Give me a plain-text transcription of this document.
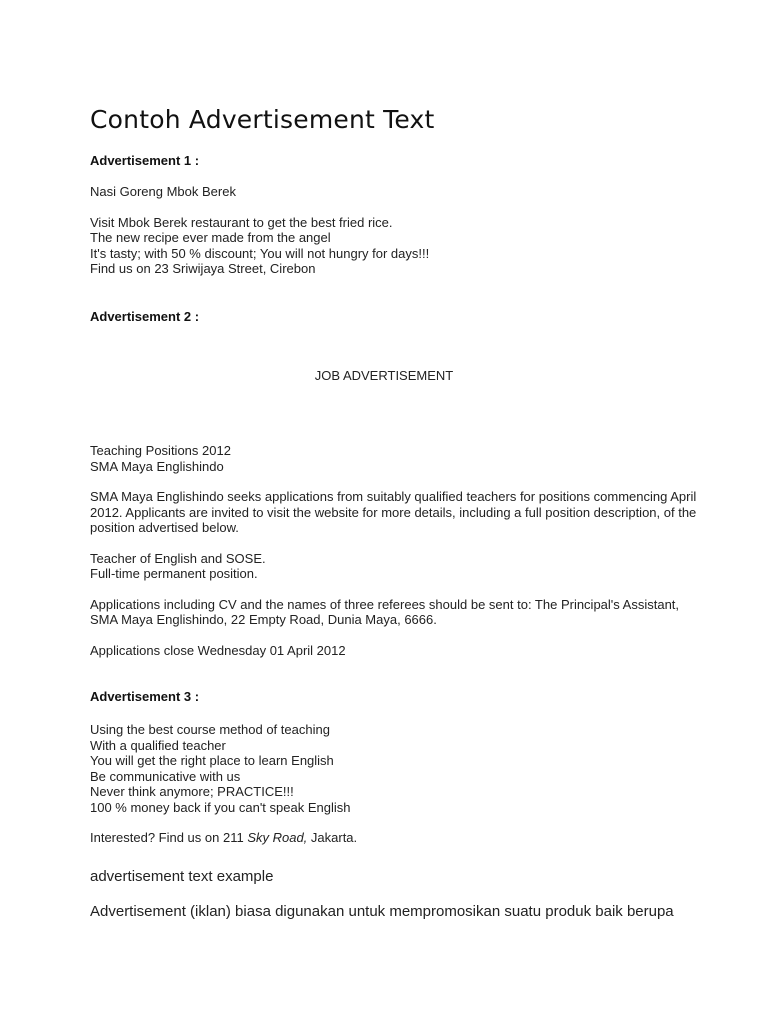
Contoh Advertisement Text

Advertisement 1 :

Nasi Goreng Mbok Berek

Visit Mbok Berek restaurant to get the best fried rice.

The new recipe ever made from the angel

It's tasty; with 50 % discount; You will not hungry for days!!!

Find us on 23 Sriwijaya Street, Cirebon

Advertisement 2 :

JOB ADVERTISEMENT

Teaching Positions 2012

SMA Maya Englishindo

SMA Maya Englishindo seeks applications from suitably qualified teachers for positions commencing April 2012. Applicants are invited to visit the website for more details, including a full position description, of the position advertised below.

Teacher of English and SOSE.

Full-time permanent position.

Applications including CV and the names of three referees should be sent to: The Principal's Assistant, SMA Maya Englishindo, 22 Empty Road, Dunia Maya, 6666.

Applications close Wednesday 01 April 2012

Advertisement 3 :

Using the best course method of teaching

With a qualified teacher

You will get the right place to learn English

Be communicative with us

Never think anymore; PRACTICE!!!

100 % money back if you can't speak English

Interested? Find us on 211 Sky Road, Jakarta.

advertisement text example

Advertisement (iklan) biasa digunakan untuk mempromosikan suatu produk baik berupa
